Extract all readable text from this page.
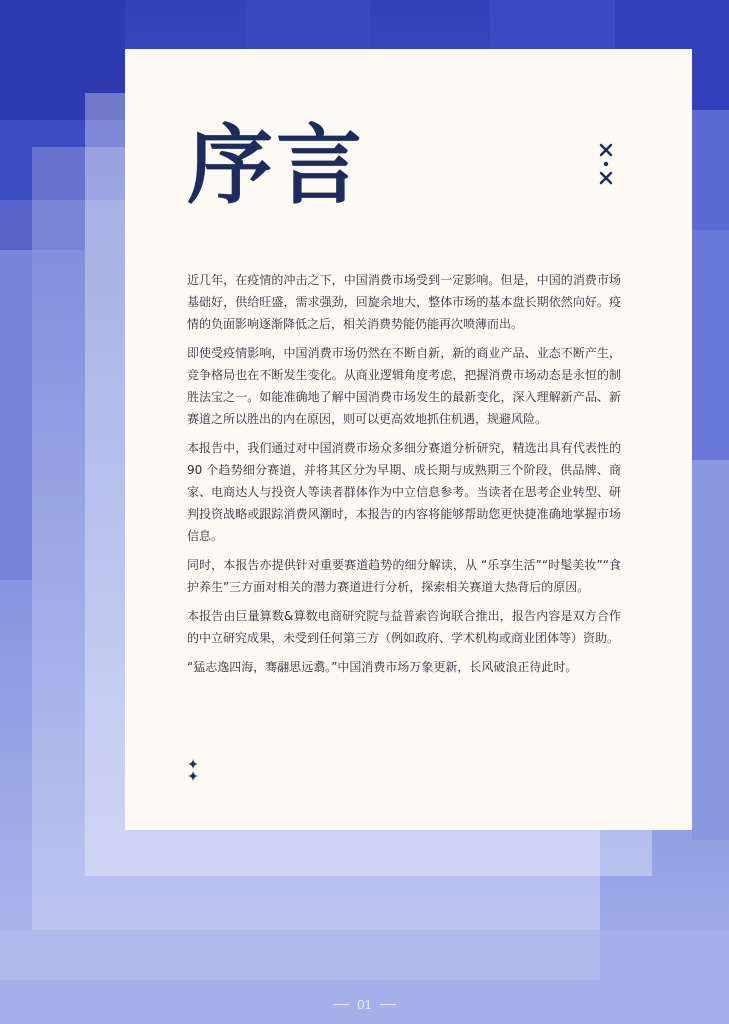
序言

近几年，在疫情的冲击之下，中国消费市场受到一定影响。但是，中国的消费市场基础好，供给旺盛，需求强劲，回旋余地大，整体市场的基本盘长期依然向好。疫情的负面影响逐渐降低之后，相关消费势能仍能再次喷薄而出。

即使受疫情影响，中国消费市场仍然在不断自新，新的商业产品、业态不断产生，竞争格局也在不断发生变化。从商业逻辑角度考虑，把握消费市场动态是永恒的制胜法宝之一。如能准确地了解中国消费市场发生的最新变化，深入理解新产品、新赛道之所以胜出的内在原因，则可以更高效地抓住机遇，规避风险。

本报告中，我们通过对中国消费市场众多细分赛道分析研究，精选出具有代表性的 90 个趋势细分赛道，并将其区分为早期、成长期与成熟期三个阶段，供品牌、商家、电商达人与投资人等读者群体作为中立信息参考。当读者在思考企业转型、研判投资战略或跟踪消费风潮时，本报告的内容将能够帮助您更快捷准确地掌握市场信息。

同时，本报告亦提供针对重要赛道趋势的细分解读，从 “乐享生活”“时髦美妆”“食护养生”三方面对相关的潜力赛道进行分析，探索相关赛道大热背后的原因。

本报告由巨量算数&算数电商研究院与益普索咨询联合推出，报告内容是双方合作的中立研究成果，未受到任何第三方（例如政府、学术机构或商业团体等）资助。

“猛志逸四海，骞翮思远翥。”中国消费市场万象更新，长风破浪正待此时。

01
